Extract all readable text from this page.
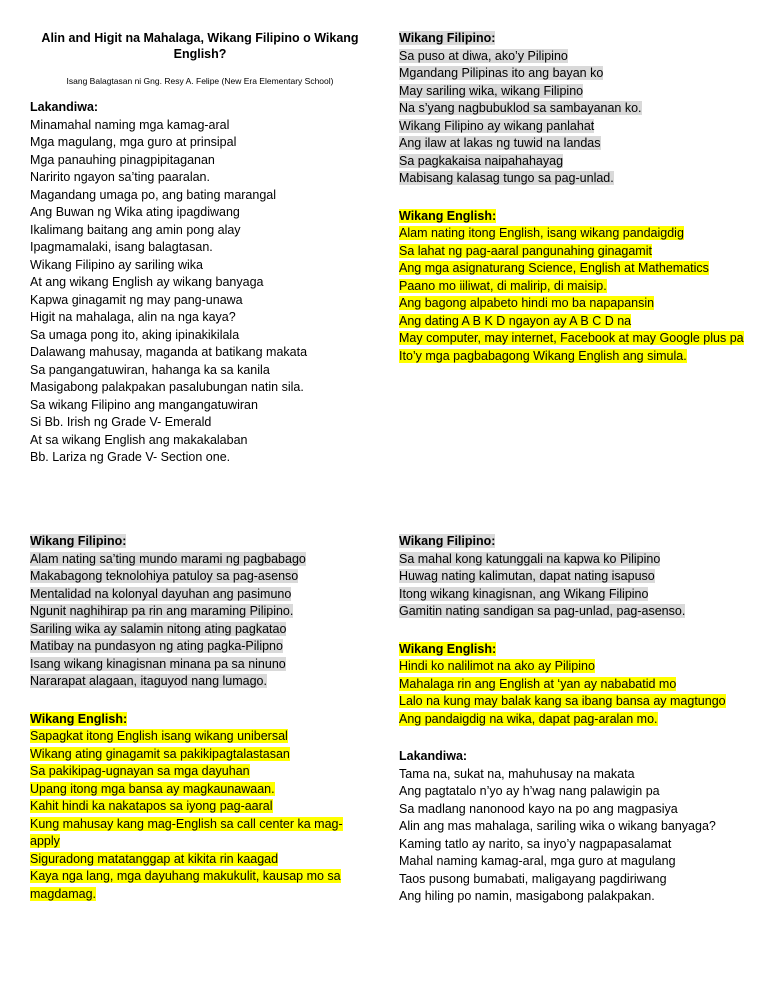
Alin and Higit na Mahalaga, Wikang Filipino o Wikang English?
Isang Balagtasan ni Gng. Resy A. Felipe (New Era Elementary School)
Lakandiwa:
Minamahal naming mga kamag-aral
Mga magulang, mga guro at prinsipal
Mga panauhing pinagpipitaganan
Naririto ngayon sa’ting paaralan.
Magandang umaga po, ang bating marangal
Ang Buwan ng Wika ating ipagdiwang
Ikalimang baitang ang amin pong alay
Ipagmamalaki, isang balagtasan.
Wikang Filipino ay sariling wika
At ang wikang English ay wikang banyaga
Kapwa ginagamit ng may pang-unawa
Higit na mahalaga, alin na nga kaya?
Sa umaga pong ito, aking ipinakikilala
Dalawang mahusay, maganda at batikang makata
Sa pangangatuwiran, hahanga ka sa kanila
Masigabong palakpakan pasalubungan natin sila.
Sa wikang Filipino ang mangangatuwiran
Si Bb. Irish ng Grade V- Emerald
At sa wikang English ang makakalaban
Bb. Lariza ng Grade V- Section one.
Wikang Filipino:
Sa puso at diwa, ako’y Pilipino
Mgandang Pilipinas ito ang bayan ko
May sariling wika, wikang Filipino
Na s’yang nagbubuklod sa sambayanan ko.
Wikang Filipino ay wikang panlahat
Ang ilaw at lakas ng tuwid na landas
Sa pagkakaisa naipahahayag
Mabisang kalasag tungo sa pag-unlad.
Wikang English:
Alam nating itong English, isang wikang pandaigdig
Sa lahat ng pag-aaral pangunahing ginagamit
Ang mga asignaturang Science, English at Mathematics
Paano mo iiliwat, di malirip, di maisip.
Ang bagong alpabeto hindi mo ba napapansin
Ang dating A B K D ngayon ay A B C D na
May computer, may internet, Facebook at may Google plus pa
Ito’y mga pagbabagong Wikang English ang simula.
Wikang Filipino:
Alam nating sa’ting mundo marami ng pagbabago
Makabagong teknolohiya patuloy sa pag-asenso
Mentalidad na kolonyal dayuhan ang pasimuno
Ngunit naghihirap pa rin ang maraming Pilipino.
Sariling wika ay salamin nitong ating pagkatao
Matibay na pundasyon ng ating pagka-Pilipno
Isang wikang kinagisnan minana pa sa ninuno
Nararapat alagaan, itaguyod nang lumago.
Wikang English:
Sapagkat itong English isang wikang unibersal
Wikang ating ginagamit sa pakikipagtalastasan
Sa pakikipag-ugnayan sa mga dayuhan
Upang itong mga bansa ay magkaunawaan.
Kahit hindi ka nakatapos sa iyong pag-aaral
Kung mahusay kang mag-English sa call center ka mag-apply
Siguradong matatanggap at kikita rin kaagad
Kaya nga lang, mga dayuhang makukulit, kausap mo sa magdamag.
Wikang Filipino:
Sa mahal kong katunggali na kapwa ko Pilipino
Huwag nating kalimutan, dapat nating isapuso
Itong wikang kinagisnan, ang Wikang Filipino
Gamitin nating sandigan sa pag-unlad, pag-asenso.
Wikang English:
Hindi ko nalilimot na ako ay Pilipino
Mahalaga rin ang English at ‘yan ay nababatid mo
Lalo na kung may balak kang sa ibang bansa ay magtungo
Ang pandaigdig na wika, dapat pag-aralan mo.
Lakandiwa:
Tama na, sukat na, mahuhusay na makata
Ang pagtatalo n’yo ay h’wag nang palawigin pa
Sa madlang nanonood kayo na po ang magpasiya
Alin ang mas mahalaga, sariling wika o wikang banyaga?
Kaming tatlo ay narito, sa inyo’y nagpapasalamat
Mahal naming kamag-aral, mga guro at magulang
Taos pusong bumabati, maligayang pagdiriwang
Ang hiling po namin, masigabong palakpakan.
